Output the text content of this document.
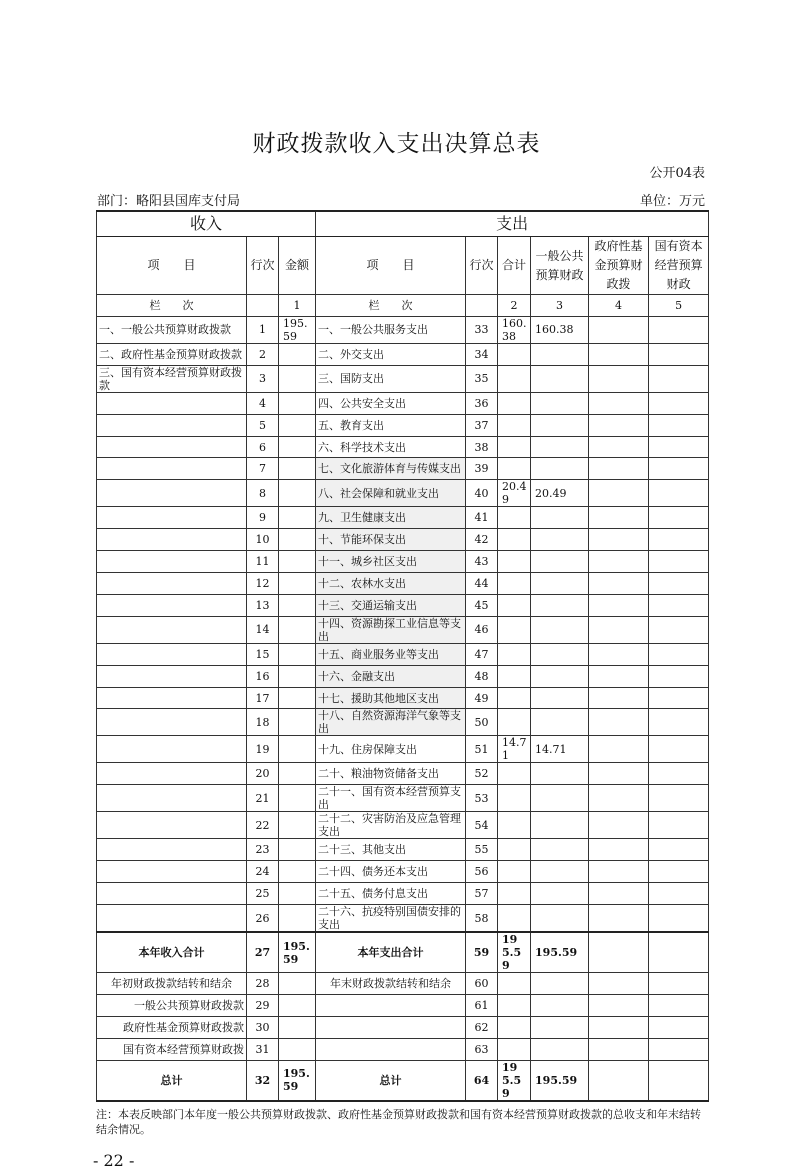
财政拨款收入支出决算总表
公开04表
部门：略阳县国库支付局	单位：万元
收入			支出					
项　　目	行次	金额	项　　目	行次	合计	一般公共预算财政	政府性基金预算财政拨	国有资本经营预算财政
栏　　次		1	栏　　次		2	3	4	5
一、一般公共预算财政拨款	1	195.59	一、一般公共服务支出	33	160.38	160.38		
二、政府性基金预算财政拨款	2		二、外交支出	34				
三、国有资本经营预算财政拨款	3		三、国防支出	35				
	4		四、公共安全支出	36				
	5		五、教育支出	37				
	6		六、科学技术支出	38				
	7		七、文化旅游体育与传媒支出	39				
	8		八、社会保障和就业支出	40	20.49	20.49		
	9		九、卫生健康支出	41				
	10		十、节能环保支出	42				
	11		十一、城乡社区支出	43				
	12		十二、农林水支出	44				
	13		十三、交通运输支出	45				
	14		十四、资源勘探工业信息等支出	46				
	15		十五、商业服务业等支出	47				
	16		十六、金融支出	48				
	17		十七、援助其他地区支出	49				
	18		十八、自然资源海洋气象等支出	50				
	19		十九、住房保障支出	51	14.71	14.71		
	20		二十、粮油物资储备支出	52				
	21		二十一、国有资本经营预算支出	53				
	22		二十二、灾害防治及应急管理支出	54				
	23		二十三、其他支出	55				
	24		二十四、债务还本支出	56				
	25		二十五、债务付息支出	57				
	26		二十六、抗疫特别国债安排的支出	58				
本年收入合计	27	195.59	本年支出合计	59	195.59	195.59		
年初财政拨款结转和结余	28		年末财政拨款结转和结余	60				
一般公共预算财政拨款	29			61				
政府性基金预算财政拨款	30			62				
国有资本经营预算财政拨	31			63				
总计	32	195.59	总计	64	195.59	195.59		
注：本表反映部门本年度一般公共预算财政拨款、政府性基金预算财政拨款和国有资本经营预算财政拨款的总收支和年末结转结余情况。
- 22 -
